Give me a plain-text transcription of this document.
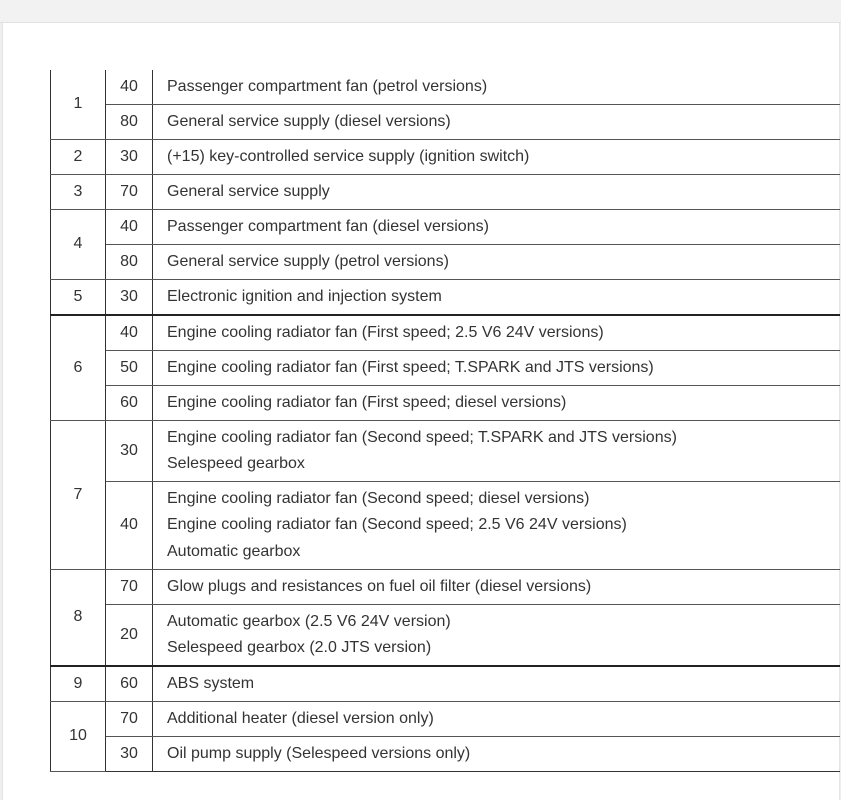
1	40	Passenger compartment fan (petrol versions)

	80	General service supply (diesel versions)

2	30	(+15) key-controlled service supply (ignition switch)

3	70	General service supply

4	40	Passenger compartment fan (diesel versions)

	80	General service supply (petrol versions)

5	30	Electronic ignition and injection system

6	40	Engine cooling radiator fan (First speed; 2.5 V6 24V versions)

	50	Engine cooling radiator fan (First speed; T.SPARK and JTS versions)

	60	Engine cooling radiator fan (First speed; diesel versions)

7	30	Engine cooling radiator fan (Second speed; T.SPARK and JTS versions)
Selespeed gearbox

	40	Engine cooling radiator fan (Second speed; diesel versions)
Engine cooling radiator fan (Second speed; 2.5 V6 24V versions)
Automatic gearbox

8	70	Glow plugs and resistances on fuel oil filter (diesel versions)

	20	Automatic gearbox (2.5 V6 24V version)
Selespeed gearbox (2.0 JTS version)

9	60	ABS system

10	70	Additional heater (diesel version only)

	30	Oil pump supply (Selespeed versions only)
